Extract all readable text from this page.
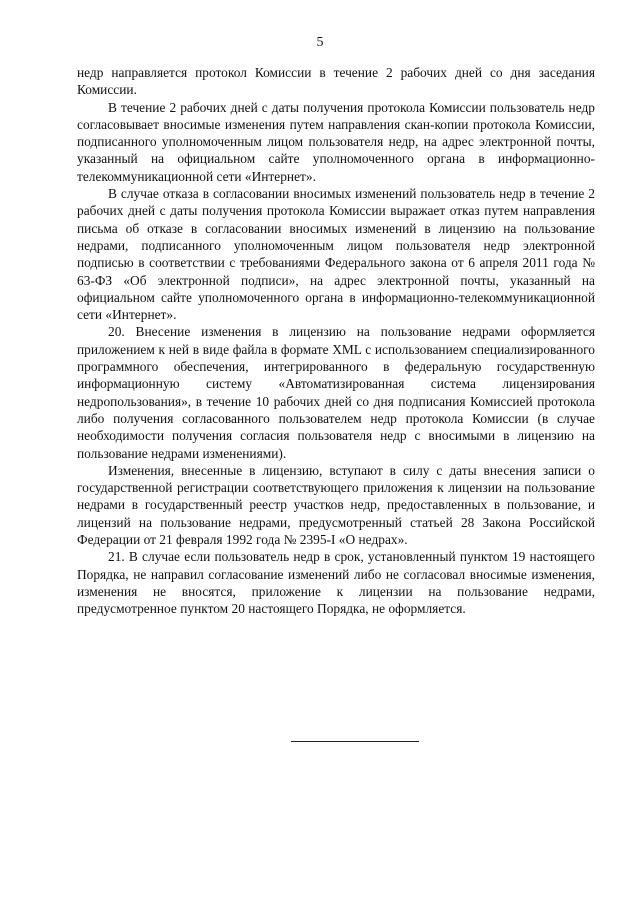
5

недр направляется протокол Комиссии в течение 2 рабочих дней со дня заседания Комиссии.

В течение 2 рабочих дней с даты получения протокола Комиссии пользователь недр согласовывает вносимые изменения путем направления скан-копии протокола Комиссии, подписанного уполномоченным лицом пользователя недр, на адрес электронной почты, указанный на официальном сайте уполномоченного органа в информационно-телекоммуникационной сети «Интернет».

В случае отказа в согласовании вносимых изменений пользователь недр в течение 2 рабочих дней с даты получения протокола Комиссии выражает отказ путем направления письма об отказе в согласовании вносимых изменений в лицензию на пользование недрами, подписанного уполномоченным лицом пользователя недр электронной подписью в соответствии с требованиями Федерального закона от 6 апреля 2011 года № 63-ФЗ «Об электронной подписи», на адрес электронной почты, указанный на официальном сайте уполномоченного органа в информационно-телекоммуникационной сети «Интернет».

20. Внесение изменения в лицензию на пользование недрами оформляется приложением к ней в виде файла в формате XML с использованием специализированного программного обеспечения, интегрированного в федеральную государственную информационную систему «Автоматизированная система лицензирования недропользования», в течение 10 рабочих дней со дня подписания Комиссией протокола либо получения согласованного пользователем недр протокола Комиссии (в случае необходимости получения согласия пользователя недр с вносимыми в лицензию на пользование недрами изменениями).

Изменения, внесенные в лицензию, вступают в силу с даты внесения записи о государственной регистрации соответствующего приложения к лицензии на пользование недрами в государственный реестр участков недр, предоставленных в пользование, и лицензий на пользование недрами, предусмотренный статьей 28 Закона Российской Федерации от 21 февраля 1992 года № 2395-I «О недрах».

21. В случае если пользователь недр в срок, установленный пунктом 19 настоящего Порядка, не направил согласование изменений либо не согласовал вносимые изменения, изменения не вносятся, приложение к лицензии на пользование недрами, предусмотренное пунктом 20 настоящего Порядка, не оформляется.
